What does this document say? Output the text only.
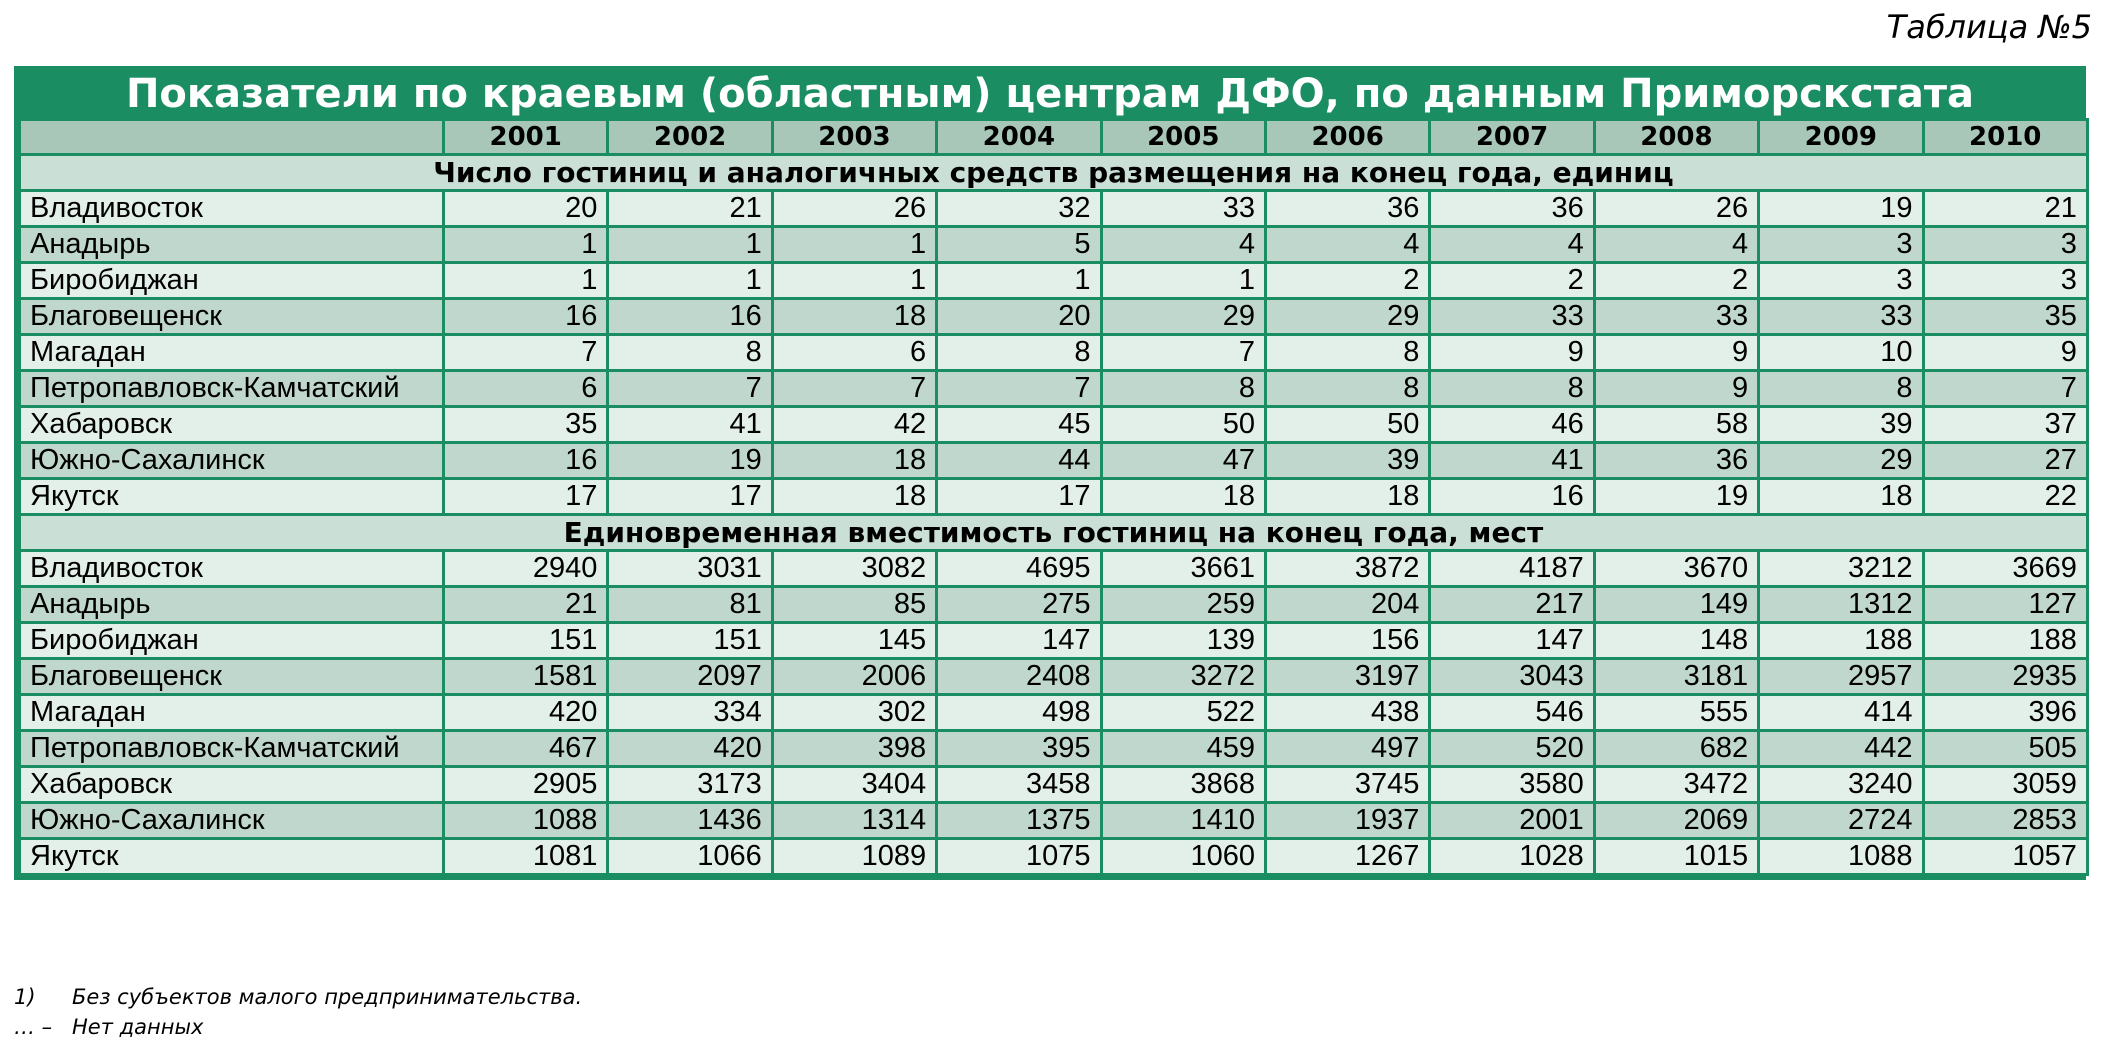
Таблица №5
Показатели по краевым (областным) центрам ДФО, по данным Приморскстата
	2001	2002	2003	2004	2005	2006	2007	2008	2009	2010
Число гостиниц и аналогичных средств размещения на конец года, единиц										
Владивосток	20	21	26	32	33	36	36	26	19	21
Анадырь	1	1	1	5	4	4	4	4	3	3
Биробиджан	1	1	1	1	1	2	2	2	3	3
Благовещенск	16	16	18	20	29	29	33	33	33	35
Магадан	7	8	6	8	7	8	9	9	10	9
Петропавловск-Камчатский	6	7	7	7	8	8	8	9	8	7
Хабаровск	35	41	42	45	50	50	46	58	39	37
Южно-Сахалинск	16	19	18	44	47	39	41	36	29	27
Якутск	17	17	18	17	18	18	16	19	18	22
Единовременная вместимость гостиниц на конец года, мест										
Владивосток	2940	3031	3082	4695	3661	3872	4187	3670	3212	3669
Анадырь	21	81	85	275	259	204	217	149	1312	127
Биробиджан	151	151	145	147	139	156	147	148	188	188
Благовещенск	1581	2097	2006	2408	3272	3197	3043	3181	2957	2935
Магадан	420	334	302	498	522	438	546	555	414	396
Петропавловск-Камчатский	467	420	398	395	459	497	520	682	442	505
Хабаровск	2905	3173	3404	3458	3868	3745	3580	3472	3240	3059
Южно-Сахалинск	1088	1436	1314	1375	1410	1937	2001	2069	2724	2853
Якутск	1081	1066	1089	1075	1060	1267	1028	1015	1088	1057
1) Без субъектов малого предпринимательства.
… – Нет данных
